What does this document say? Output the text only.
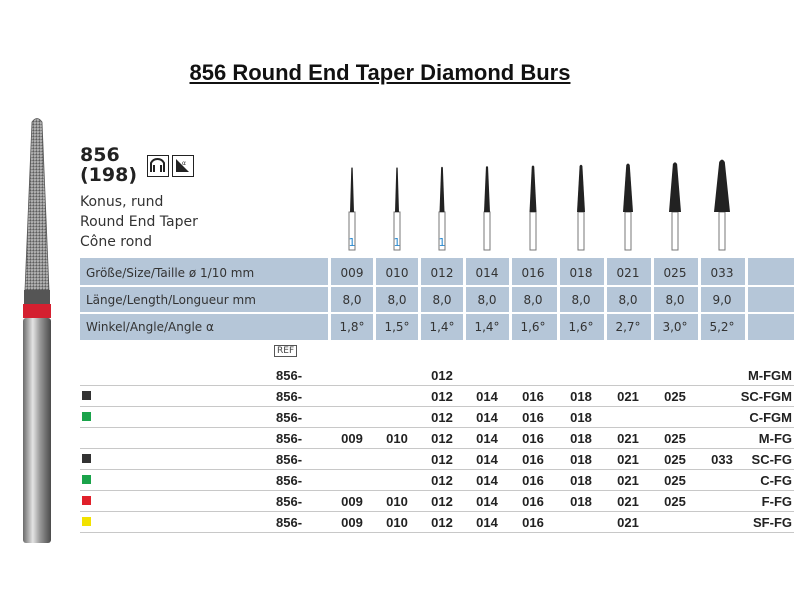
856 Round End Taper Diamond Burs
856
(198)
α
Konus, rund
Round End Taper
Cône rond	1	1	1
Größe/Size/Taille ø 1/10 mm
Länge/Length/Longueur mm
Winkel/Angle/Angle α
009	010	012	014	016	018	021	025	033
8,0	8,0	8,0	8,0	8,0	8,0	8,0	8,0	9,0
1,8°	1,5°	1,4°	1,4°	1,6°	1,6°	2,7°	3,0°	5,2°
REF
856-	012	M-FGM
856-	012	014	016	018	021	025	SC-FGM
856-	012	014	016	018	C-FGM
856-	009	010	012	014	016	018	021	025	M-FG
856-	012	014	016	018	021	025	033	SC-FG
856-	012	014	016	018	021	025	C-FG
856-	009	010	012	014	016	018	021	025	F-FG
856-	009	010	012	014	016	021	SF-FG
